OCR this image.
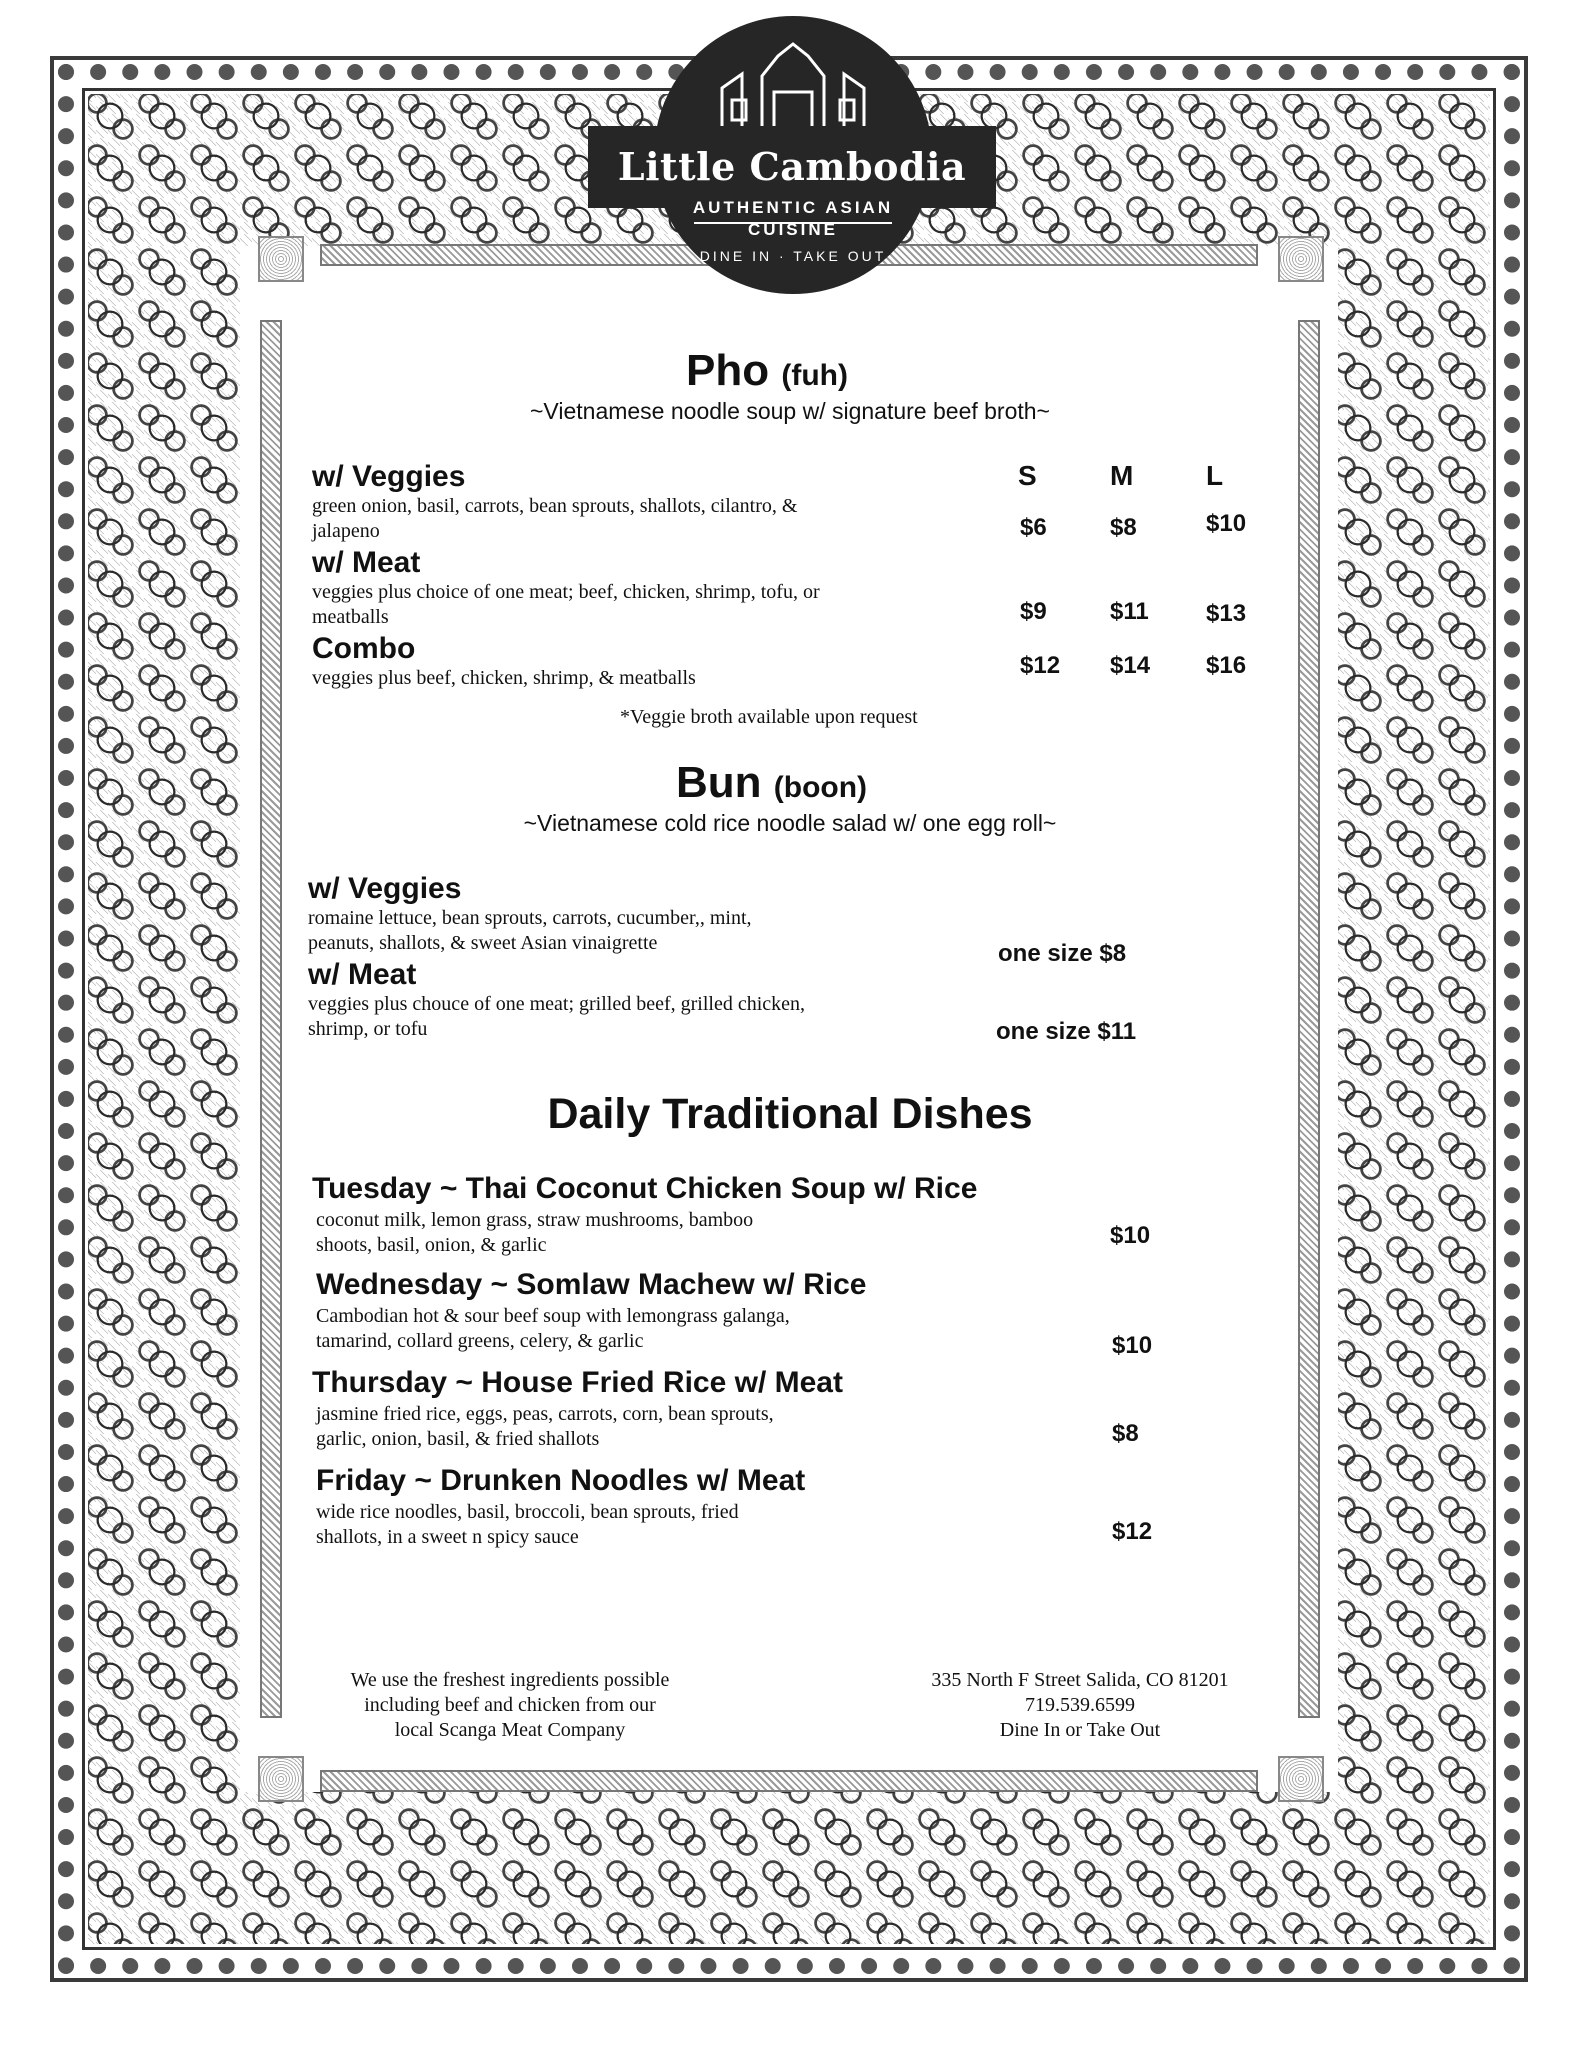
Little Cambodia
AUTHENTIC ASIAN
CUISINE
DINE IN · TAKE OUT
Pho (fuh)
~Vietnamese noodle soup w/ signature beef broth~
S	M	L
w/ Veggies
green onion, basil, carrots, bean sprouts, shallots, cilantro, & jalapeno	$6	$8	$10
w/ Meat
veggies plus choice of one meat; beef, chicken, shrimp, tofu, or meatballs	$9	$11 $13
Combo
veggies plus beef, chicken, shrimp, & meatballs	$12 $14 $16
*Veggie broth available upon request
Bun (boon)
~Vietnamese cold rice noodle salad w/ one egg roll~
w/ Veggies
romaine lettuce, bean sprouts, carrots, cucumber,, mint, peanuts, shallots, & sweet Asian vinaigrette	one size $8
w/ Meat
veggies plus chouce of one meat; grilled beef, grilled chicken, shrimp, or tofu	one size $11
Daily Traditional Dishes
Tuesday ~ Thai Coconut Chicken Soup w/ Rice
coconut milk, lemon grass, straw mushrooms, bamboo shoots, basil, onion, & garlic	$10
Wednesday ~ Somlaw Machew w/ Rice
Cambodian hot & sour beef soup with lemongrass galanga, tamarind, collard greens, celery, & garlic	$10
Thursday ~ House Fried Rice w/ Meat
jasmine fried rice, eggs, peas, carrots, corn, bean sprouts, garlic, onion, basil, & fried shallots	$8
Friday ~ Drunken Noodles w/ Meat
wide rice noodles, basil, broccoli, bean sprouts, fried shallots, in a sweet n spicy sauce	$12
We use the freshest ingredients possible
including beef and chicken from our
local Scanga Meat Company
335 North F Street Salida, CO 81201
719.539.6599
Dine In or Take Out
